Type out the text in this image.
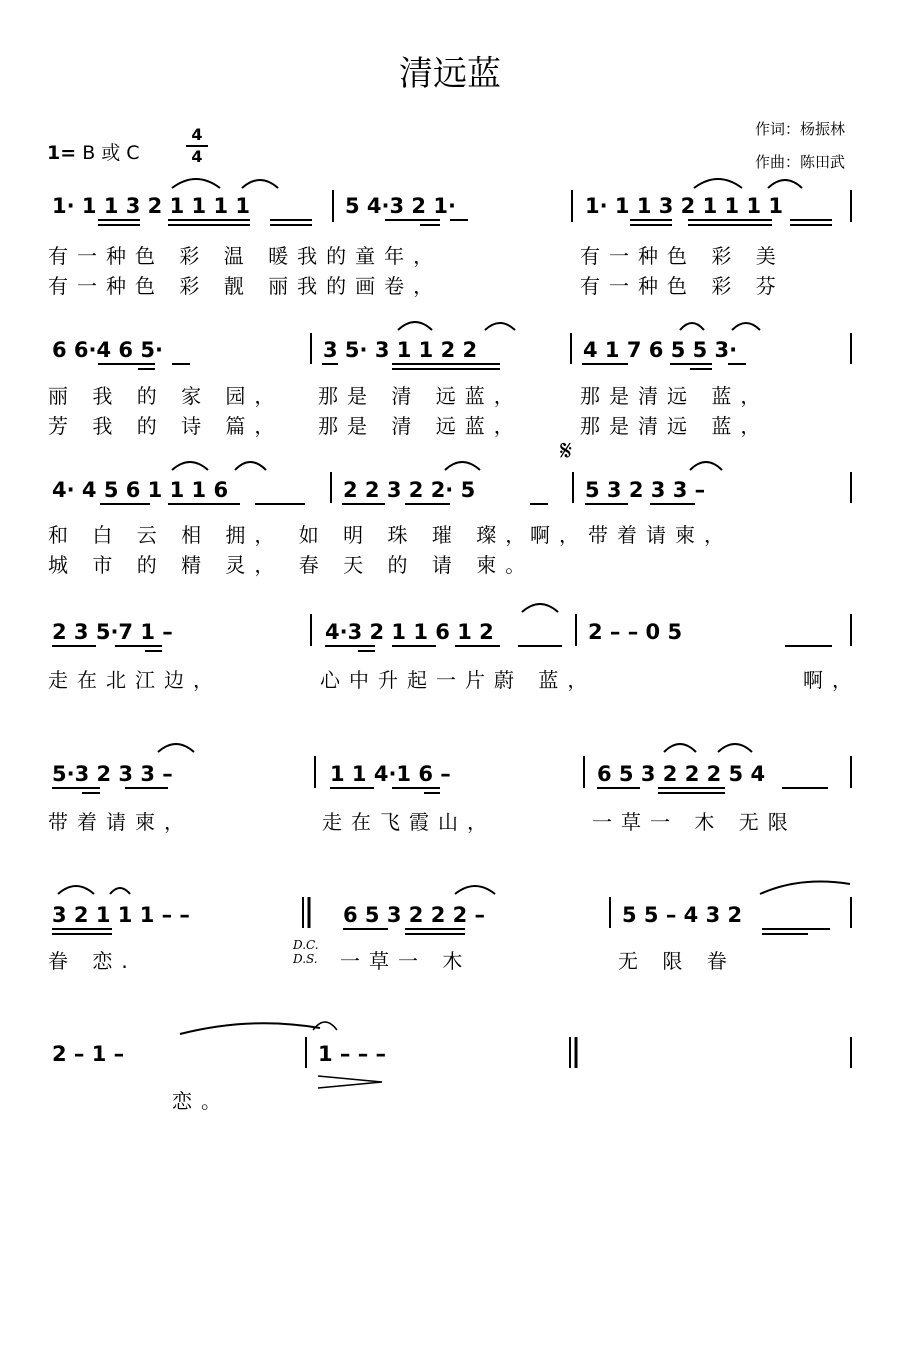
清远蓝
作词：杨振林
作曲：陈田武
1= B 或 C
4
4
1· 1 1 3 2 1 1 1 1	5 4·3 2 1·	1· 1 1 3 2 1 1 1 1
有一种色 彩 温 暖我的童年，	有一种色 彩 美
有一种色 彩 靓 丽我的画卷，	有一种色 彩 芬
6 6·4 6 5·	3 5· 3 1 1 2 2	4 1 7 6 5 5 3·
丽 我 的 家 园， 那是 清 远蓝，	那是清远 蓝，
芳 我 的 诗 篇， 那是 清 远蓝，	那是清远 蓝，
𝄋
4· 4 5 6 1 1 1 6	2 2 3 2 2· 5	5 3 2 3 3 –
和 白 云 相 拥， 如 明 珠 璀 璨，
啊，带着请柬，
城 市 的 精 灵， 春 天 的 请 柬。
2 3 5·7 1 –	4·3 2 1 1 6 1 2	2 – – 0 5
走在北江边，	心中升起一片蔚 蓝，	啊，
5·3 2 3 3 –	1 1 4·1 6 –	6 5 3 2 2 2 5 4
带着请柬，	走在飞霞山，	一草一 木 无限
3 2 1 1 1 – –	6 5 3 2 2 2 –	5 5 – 4 3 2
眷 恋.
D.C.
D.S. 一草一 木	无 限 眷
2 – 1 –	1 – – –
恋。
